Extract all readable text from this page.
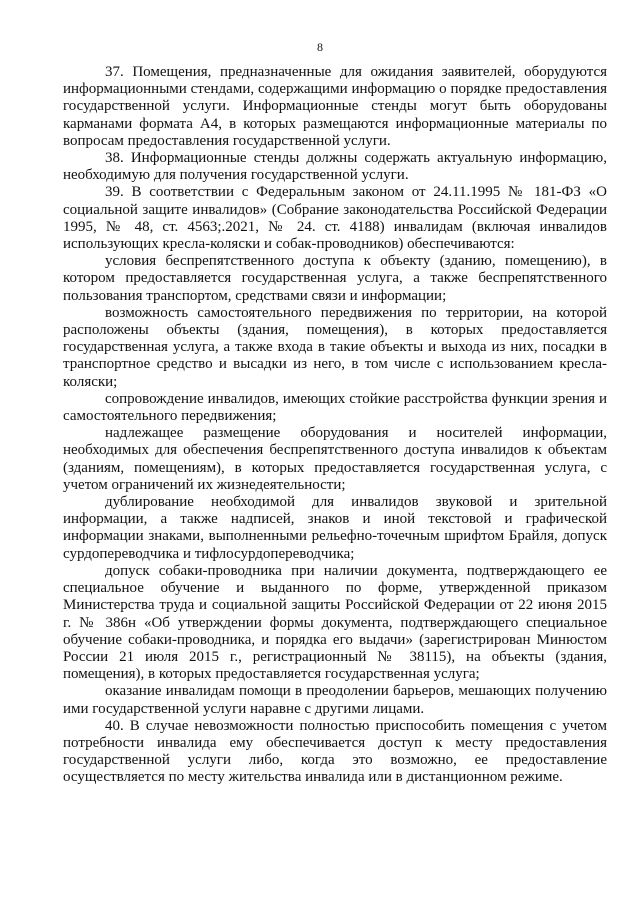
8

37. Помещения, предназначенные для ожидания заявителей, оборудуются информационными стендами, содержащими информацию о порядке предоставления государственной услуги. Информационные стенды могут быть оборудованы карманами формата А4, в которых размещаются информационные материалы по вопросам предоставления государственной услуги.

38. Информационные стенды должны содержать актуальную информацию, необходимую для получения государственной услуги.

39. В соответствии с Федеральным законом от 24.11.1995 № 181-ФЗ «О социальной защите инвалидов» (Собрание законодательства Российской Федерации 1995, № 48, ст. 4563;.2021, № 24. ст. 4188) инвалидам (включая инвалидов использующих кресла-коляски и собак-проводников) обеспечиваются:

условия беспрепятственного доступа к объекту (зданию, помещению), в котором предоставляется государственная услуга, а также беспрепятственного пользования транспортом, средствами связи и информации;

возможность самостоятельного передвижения по территории, на которой расположены объекты (здания, помещения), в которых предоставляется государственная услуга, а также входа в такие объекты и выхода из них, посадки в транспортное средство и высадки из него, в том числе с использованием кресла-коляски;

сопровождение инвалидов, имеющих стойкие расстройства функции зрения и самостоятельного передвижения;

надлежащее размещение оборудования и носителей информации, необходимых для обеспечения беспрепятственного доступа инвалидов к объектам (зданиям, помещениям), в которых предоставляется государственная услуга, с учетом ограничений их жизнедеятельности;

дублирование необходимой для инвалидов звуковой и зрительной информации, а также надписей, знаков и иной текстовой и графической информации знаками, выполненными рельефно-точечным шрифтом Брайля, допуск сурдопереводчика и тифлосурдопереводчика;

допуск собаки-проводника при наличии документа, подтверждающего ее специальное обучение и выданного по форме, утвержденной приказом Министерства труда и социальной защиты Российской Федерации от 22 июня 2015 г. № 386н «Об утверждении формы документа, подтверждающего специальное обучение собаки-проводника, и порядка его выдачи» (зарегистрирован Минюстом России 21 июля 2015 г., регистрационный № 38115), на объекты (здания, помещения), в которых предоставляется государственная услуга;

оказание инвалидам помощи в преодолении барьеров, мешающих получению ими государственной услуги наравне с другими лицами.

40. В случае невозможности полностью приспособить помещения с учетом потребности инвалида ему обеспечивается доступ к месту предоставления государственной услуги либо, когда это возможно, ее предоставление осуществляется по месту жительства инвалида или в дистанционном режиме.
